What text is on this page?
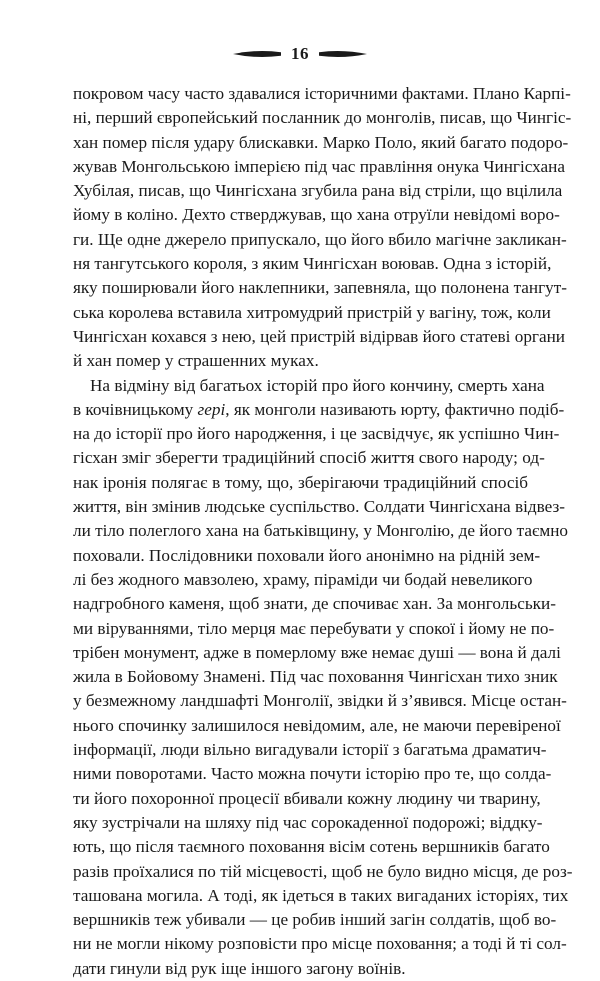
16
покровом часу часто здавалися історичними фактами. Плано Карпі-
ні, перший європейський посланник до монголів, писав, що Чингіс-
хан помер після удару блискавки. Марко Поло, який багато подоро-
жував Монгольською імперією під час правління онука Чингісхана
Хубілая, писав, що Чингісхана згубила рана від стріли, що вцілила
йому в коліно. Дехто стверджував, що хана отруїли невідомі воро-
ги. Ще одне джерело припускало, що його вбило магічне закликан-
ня тангутського короля, з яким Чингісхан воював. Одна з історій,
яку поширювали його наклепники, запевняла, що полонена тангут-
ська королева вставила хитромудрий пристрій у вагіну, тож, коли
Чингісхан кохався з нею, цей пристрій відірвав його статеві органи
й хан помер у страшенних муках.
На відміну від багатьох історій про його кончину, смерть хана
в кочівницькому гері, як монголи називають юрту, фактично подіб-
на до історії про його народження, і це засвідчує, як успішно Чин-
гісхан зміг зберегти традиційний спосіб життя свого народу; од-
нак іронія полягає в тому, що, зберігаючи традиційний спосіб
життя, він змінив людське суспільство. Солдати Чингісхана відвез-
ли тіло полеглого хана на батьківщину, у Монголію, де його таємно
поховали. Послідовники поховали його анонімно на рідній зем-
лі без жодного мавзолею, храму, піраміди чи бодай невеликого
надгробного каменя, щоб знати, де спочиває хан. За монгольськи-
ми віруваннями, тіло мерця має перебувати у спокої і йому не по-
трібен монумент, адже в померлому вже немає душі — вона й далі
жила в Бойовому Знамені. Під час поховання Чингісхан тихо зник
у безмежному ландшафті Монголії, звідки й з’явився. Місце остан-
нього спочинку залишилося невідомим, але, не маючи перевіреної
інформації, люди вільно вигадували історії з багатьма драматич-
ними поворотами. Часто можна почути історію про те, що солда-
ти його похоронної процесії вбивали кожну людину чи тварину,
яку зустрічали на шляху під час сорокаденної подорожі; віддку-
ють, що після таємного поховання вісім сотень вершників багато
разів проїхалися по тій місцевості, щоб не було видно місця, де роз-
ташована могила. А тоді, як ідеться в таких вигаданих історіях, тих
вершників теж убивали — це робив інший загін солдатів, щоб во-
ни не могли нікому розповісти про місце поховання; а тоді й ті сол-
дати гинули від рук іще іншого загону воїнів.
